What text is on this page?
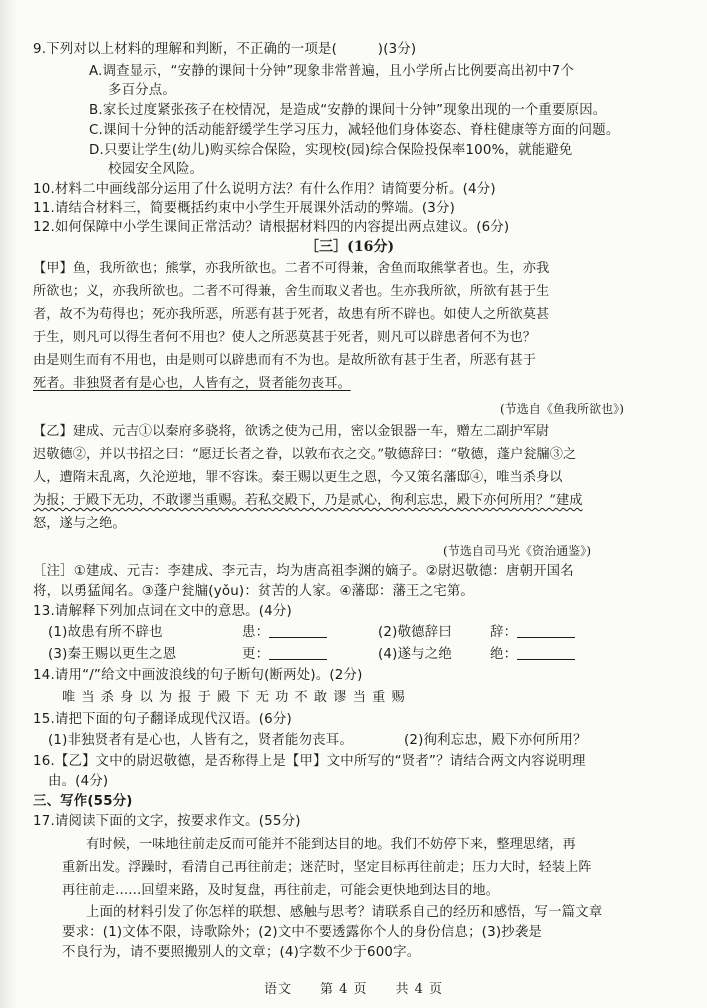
9.下列对以上材料的理解和判断，不正确的一项是(　　　)(3分)
A.调查显示，“安静的课间十分钟”现象非常普遍，且小学所占比例要高出初中7个
多百分点。
B.家长过度紧张孩子在校情况，是造成“安静的课间十分钟”现象出现的一个重要原因。
C.课间十分钟的活动能舒缓学生学习压力，减轻他们身体姿态、脊柱健康等方面的问题。
D.只要让学生(幼儿)购买综合保险，实现校(园)综合保险投保率100%，就能避免
校园安全风险。
10.材料二中画线部分运用了什么说明方法？有什么作用？请简要分析。(4分)
11.请结合材料三，简要概括约束中小学生开展课外活动的弊端。(3分)
12.如何保障中小学生课间正常活动？请根据材料四的内容提出两点建议。(6分)
［三］(16分)
【甲】鱼，我所欲也；熊掌，亦我所欲也。二者不可得兼，舍鱼而取熊掌者也。生，亦我
所欲也；义，亦我所欲也。二者不可得兼，舍生而取义者也。生亦我所欲，所欲有甚于生
者，故不为苟得也；死亦我所恶，所恶有甚于死者，故患有所不辟也。如使人之所欲莫甚
于生，则凡可以得生者何不用也？使人之所恶莫甚于死者，则凡可以辟患者何不为也？
由是则生而有不用也，由是则可以辟患而有不为也。是故所欲有甚于生者，所恶有甚于
死者。非独贤者有是心也，人皆有之，贤者能勿丧耳。
(节选自《鱼我所欲也》)
【乙】建成、元吉①以秦府多骁将，欲诱之使为己用，密以金银器一车，赠左二副护军尉
迟敬德②，并以书招之曰：“愿迂长者之眷，以敦布衣之交。”敬德辞曰：“敬德，蓬户瓮牖③之
人，遭隋末乱离，久沦逆地，罪不容诛。秦王赐以更生之恩，今又策名藩邸④，唯当杀身以
为报；于殿下无功，不敢谬当重赐。若私交殿下，乃是贰心，徇利忘忠，殿下亦何所用？”建成
怒，遂与之绝。
(节选自司马光《资治通鉴》)
［注］①建成、元吉：李建成、李元吉，均为唐高祖李渊的嫡子。②尉迟敬德：唐朝开国名
将，以勇猛闻名。③蓬户瓮牖(yǒu)：贫苦的人家。④藩邸：藩王之宅第。
13.请解释下列加点词在文中的意思。(4分)
(1)故患有所不辟也	患：	(2)敬德辞曰	辞：
(3)秦王赐以更生之恩	更：	(4)遂与之绝	绝：
14.请用“/”给文中画波浪线的句子断句(断两处)。(2分)
唯 当 杀 身 以 为 报 于 殿 下 无 功 不 敢 谬 当 重 赐
15.请把下面的句子翻译成现代汉语。(6分)
(1)非独贤者有是心也，人皆有之，贤者能勿丧耳。	(2)徇利忘忠，殿下亦何所用？
16.【乙】文中的尉迟敬德，是否称得上是【甲】文中所写的“贤者”？请结合两文内容说明理
由。(4分)
三、写作(55分)
17.请阅读下面的文字，按要求作文。(55分)
有时候，一味地往前走反而可能并不能到达目的地。我们不妨停下来，整理思绪，再
重新出发。浮躁时，看清自己再往前走；迷茫时，坚定目标再往前走；压力大时，轻装上阵
再往前走……回望来路，及时复盘，再往前走，可能会更快地到达目的地。
上面的材料引发了你怎样的联想、感触与思考？请联系自己的经历和感悟，写一篇文章
要求：(1)文体不限，诗歌除外；(2)文中不要透露你个人的身份信息；(3)抄袭是
不良行为，请不要照搬别人的文章；(4)字数不少于600字。
语文　　第 4 页　　共 4 页
